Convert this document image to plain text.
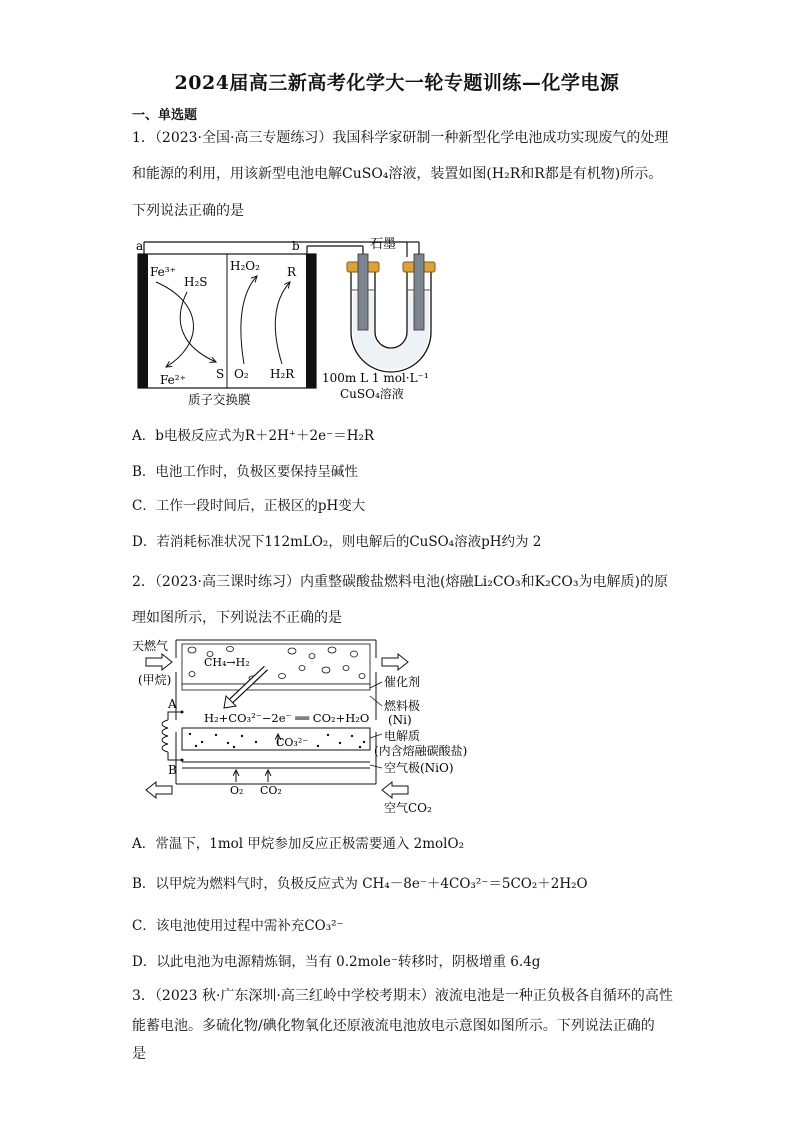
2024届高三新高考化学大一轮专题训练—化学电源
一、单选题
1．（2023·全国·高三专题练习）我国科学家研制一种新型化学电池成功实现废气的处理
和能源的利用，用该新型电池电解CuSO₄溶液，装置如图(H₂R和R都是有机物)所示。
下列说法正确的是
a	b
Fe³⁺
H₂S
H₂O₂ R
Fe²⁺	S O₂ H₂R
质子交换膜
石墨
100m L 1 mol·L⁻¹
CuSO₄溶液
A．b电极反应式为R＋2H⁺＋2e⁻＝H₂R
B．电池工作时，负极区要保持呈碱性
C．工作一段时间后，正极区的pH变大
D．若消耗标准状况下112mLO₂，则电解后的CuSO₄溶液pH约为 2
2．（2023·高三课时练习）内重整碳酸盐燃料电池(熔融Li₂CO₃和K₂CO₃为电解质)的原
理如图所示，下列说法不正确的是
天燃气
(甲烷)
CH₄→H₂
催化剂
燃料极
(Ni)
H₂+CO₃²⁻−2e⁻ ══ CO₂+H₂O
CO₃²⁻	电解质
(内含熔融碳酸盐)
空气极(NiO)
A
B
O₂ CO₂
空气CO₂
A．常温下，1mol 甲烷参加反应正极需要通入 2molO₂
B．以甲烷为燃料气时，负极反应式为 CH₄－8e⁻＋4CO₃²⁻＝5CO₂＋2H₂O
C．该电池使用过程中需补充CO₃²⁻
D．以此电池为电源精炼铜，当有 0.2mole⁻转移时，阴极增重 6.4g
3．（2023 秋·广东深圳·高三红岭中学校考期末）液流电池是一种正负极各自循环的高性
能蓄电池。多硫化物/碘化物氧化还原液流电池放电示意图如图所示。下列说法正确的
是
